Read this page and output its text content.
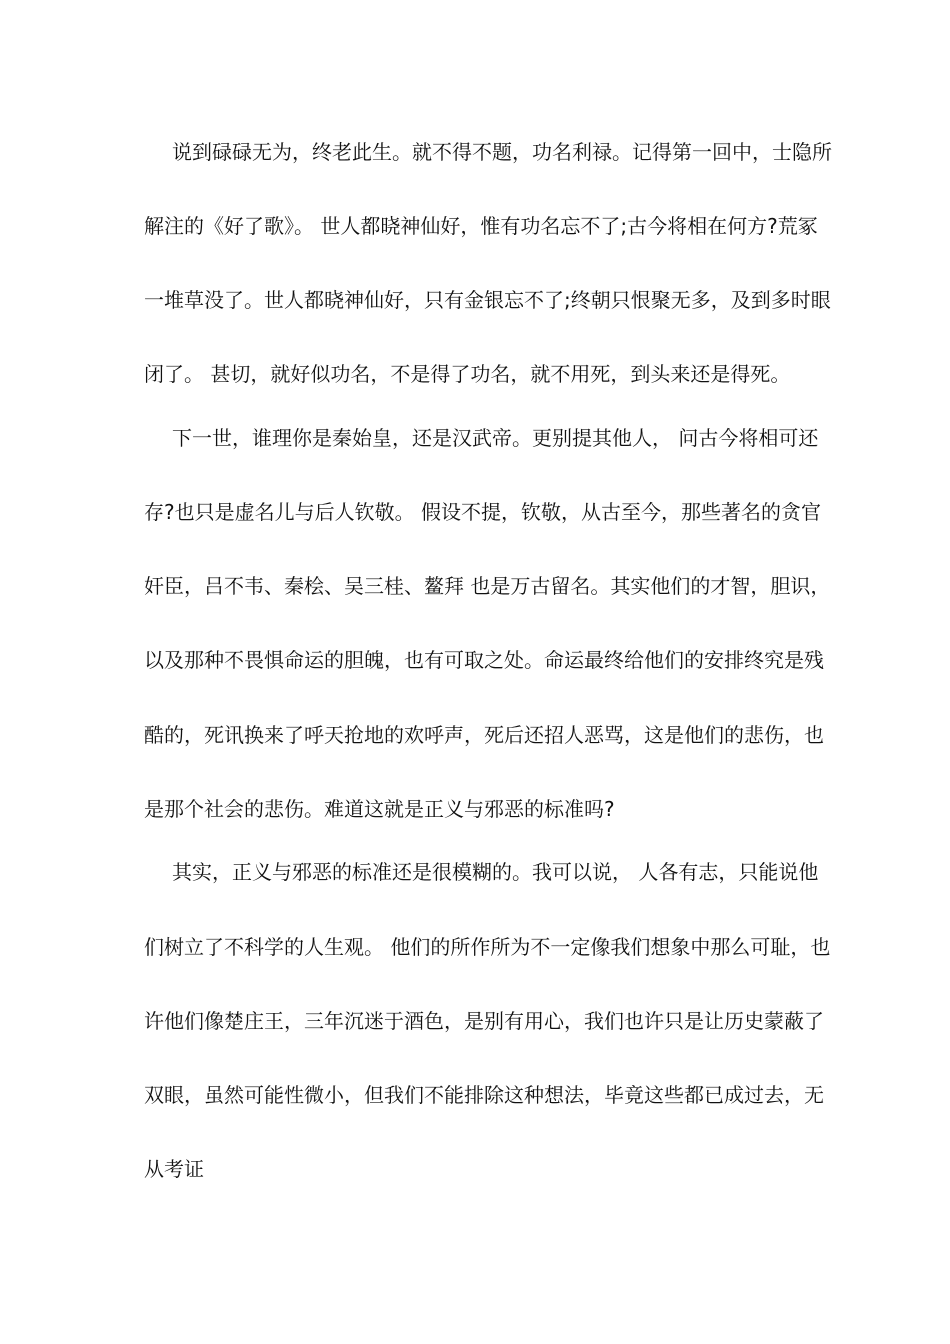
说到碌碌无为，终老此生。就不得不题，功名利禄。记得第一回中，士隐所
解注的《好了歌》。 世人都晓神仙好，惟有功名忘不了;古今将相在何方?荒冢
一堆草没了。世人都晓神仙好，只有金银忘不了;终朝只恨聚无多，及到多时眼
闭了。 甚切，就好似功名，不是得了功名，就不用死，到头来还是得死。
下一世，谁理你是秦始皇，还是汉武帝。更别提其他人， 问古今将相可还
存?也只是虚名儿与后人钦敬。 假设不提，钦敬，从古至今，那些著名的贪官
奸臣，吕不韦、秦桧、吴三桂、鳌拜 也是万古留名。其实他们的才智，胆识，
以及那种不畏惧命运的胆魄，也有可取之处。命运最终给他们的安排终究是残
酷的，死讯换来了呼天抢地的欢呼声，死后还招人恶骂，这是他们的悲伤，也
是那个社会的悲伤。难道这就是正义与邪恶的标准吗?
其实，正义与邪恶的标准还是很模糊的。我可以说， 人各有志，只能说他
们树立了不科学的人生观。 他们的所作所为不一定像我们想象中那么可耻，也
许他们像楚庄王，三年沉迷于酒色，是别有用心，我们也许只是让历史蒙蔽了
双眼，虽然可能性微小，但我们不能排除这种想法，毕竟这些都已成过去，无
从考证
